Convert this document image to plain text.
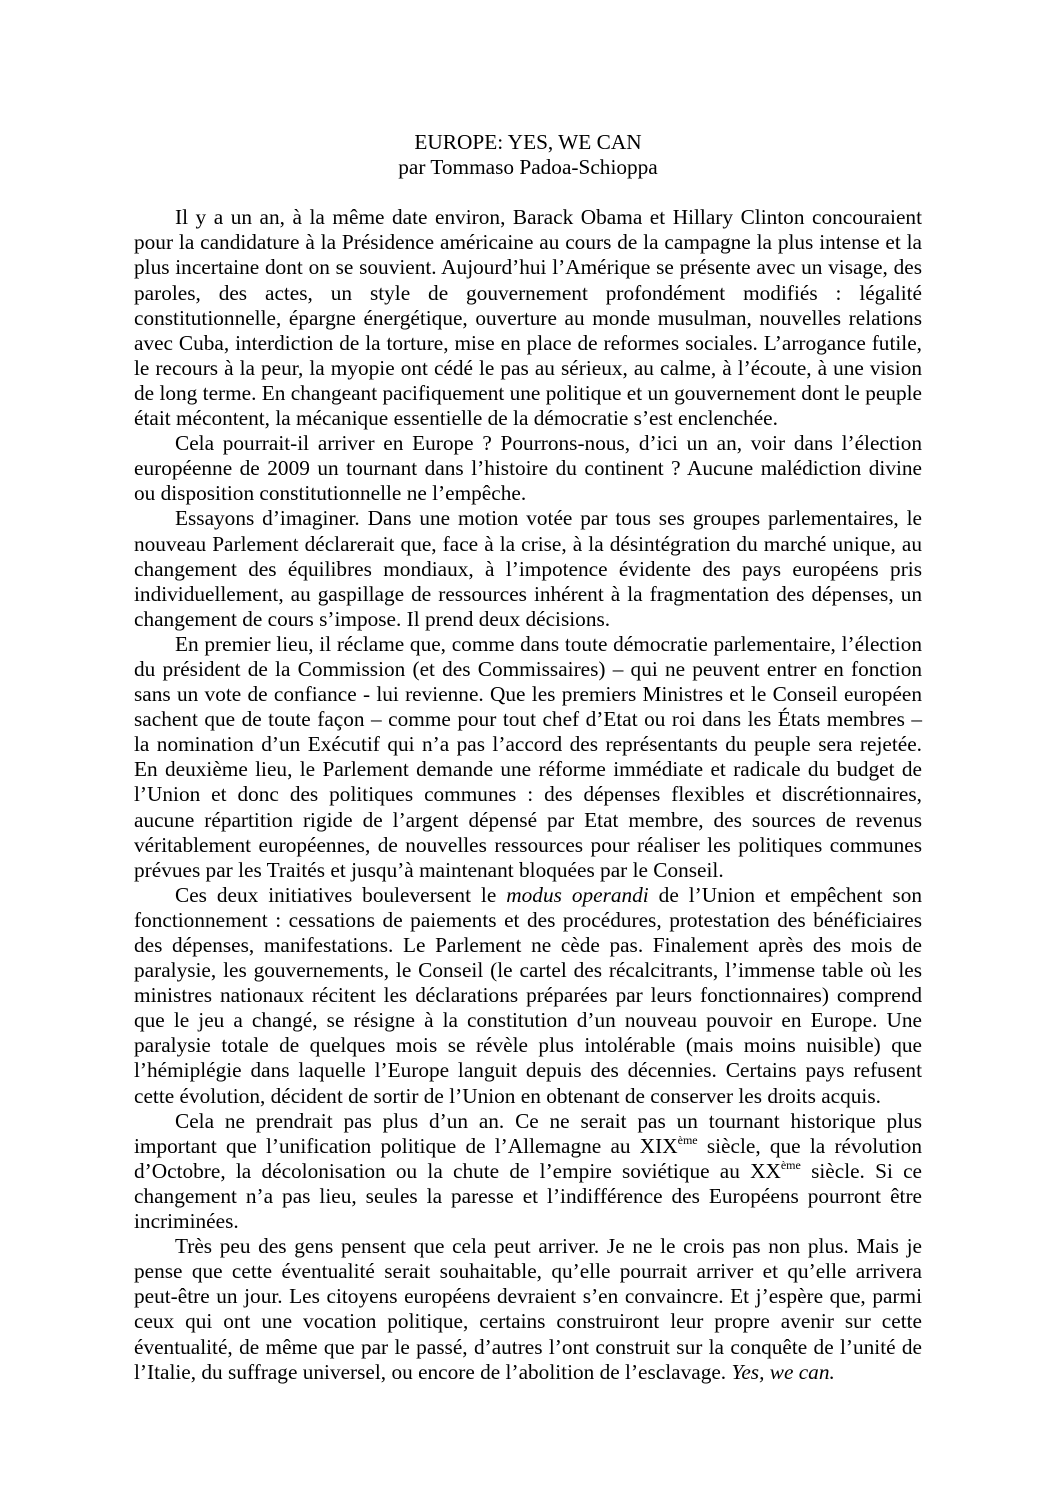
EUROPE: YES, WE CAN
par Tommaso Padoa-Schioppa

Il y a un an, à la même date environ, Barack Obama et Hillary Clinton concouraient pour la candidature à la Présidence américaine au cours de la campagne la plus intense et la plus incertaine dont on se souvient. Aujourd’hui l’Amérique se présente avec un visage, des paroles, des actes, un style de gouvernement profondément modifiés : légalité constitutionnelle, épargne énergétique, ouverture au monde musulman, nouvelles relations avec Cuba, interdiction de la torture, mise en place de reformes sociales. L’arrogance futile, le recours à la peur, la myopie ont cédé le pas au sérieux, au calme, à l’écoute, à une vision de long terme. En changeant pacifiquement une politique et un gouvernement dont le peuple était mécontent, la mécanique essentielle de la démocratie s’est enclenchée.

Cela pourrait-il arriver en Europe ? Pourrons-nous, d’ici un an, voir dans l’élection européenne de 2009 un tournant dans l’histoire du continent ? Aucune malédiction divine ou disposition constitutionnelle ne l’empêche.

Essayons d’imaginer. Dans une motion votée par tous ses groupes parlementaires, le nouveau Parlement déclarerait que, face à la crise, à la désintégration du marché unique, au changement des équilibres mondiaux, à l’impotence évidente des pays européens pris individuellement, au gaspillage de ressources inhérent à la fragmentation des dépenses, un changement de cours s’impose. Il prend deux décisions.

En premier lieu, il réclame que, comme dans toute démocratie parlementaire, l’élection du président de la Commission (et des Commissaires) – qui ne peuvent entrer en fonction sans un vote de confiance - lui revienne. Que les premiers Ministres et le Conseil européen sachent que de toute façon – comme pour tout chef d’Etat ou roi dans les États membres – la nomination d’un Exécutif qui n’a pas l’accord des représentants du peuple sera rejetée. En deuxième lieu, le Parlement demande une réforme immédiate et radicale du budget de l’Union et donc des politiques communes : des dépenses flexibles et discrétionnaires, aucune répartition rigide de l’argent dépensé par Etat membre, des sources de revenus véritablement européennes, de nouvelles ressources pour réaliser les politiques communes prévues par les Traités et jusqu’à maintenant bloquées par le Conseil.

Ces deux initiatives bouleversent le modus operandi de l’Union et empêchent son fonctionnement : cessations de paiements et des procédures, protestation des bénéficiaires des dépenses, manifestations. Le Parlement ne cède pas. Finalement après des mois de paralysie, les gouvernements, le Conseil (le cartel des récalcitrants, l’immense table où les ministres nationaux récitent les déclarations préparées par leurs fonctionnaires) comprend que le jeu a changé, se résigne à la constitution d’un nouveau pouvoir en Europe. Une paralysie totale de quelques mois se révèle plus intolérable (mais moins nuisible) que l’hémiplégie dans laquelle l’Europe languit depuis des décennies. Certains pays refusent cette évolution, décident de sortir de l’Union en obtenant de conserver les droits acquis.

Cela ne prendrait pas plus d’un an. Ce ne serait pas un tournant historique plus important que l’unification politique de l’Allemagne au XIXème siècle, que la révolution d’Octobre, la décolonisation ou la chute de l’empire soviétique au XXème siècle. Si ce changement n’a pas lieu, seules la paresse et l’indifférence des Européens pourront être incriminées.

Très peu des gens pensent que cela peut arriver. Je ne le crois pas non plus. Mais je pense que cette éventualité serait souhaitable, qu’elle pourrait arriver et qu’elle arrivera peut-être un jour. Les citoyens européens devraient s’en convaincre. Et j’espère que, parmi ceux qui ont une vocation politique, certains construiront leur propre avenir sur cette éventualité, de même que par le passé, d’autres l’ont construit sur la conquête de l’unité de l’Italie, du suffrage universel, ou encore de l’abolition de l’esclavage. Yes, we can.
